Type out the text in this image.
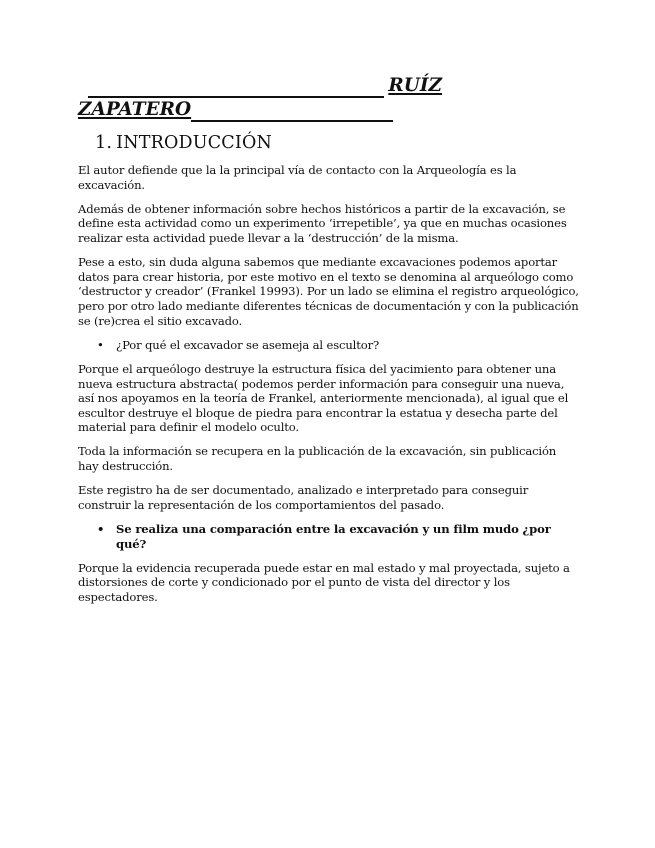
RUÍZ
ZAPATERO
1. INTRODUCCIÓN

El autor defiende que la la principal vía de contacto con la Arqueología es la excavación.

Además de obtener información sobre hechos históricos a partir de la excavación, se define esta actividad como un experimento ‘irrepetible’, ya que en muchas ocasiones realizar esta actividad puede llevar a la ‘destrucción’ de la misma.

Pese a esto, sin duda alguna sabemos que mediante excavaciones podemos aportar datos para crear historia, por este motivo en el texto se denomina al arqueólogo como ‘destructor y creador’ (Frankel 19993). Por un lado se elimina el registro arqueológico, pero por otro lado mediante diferentes técnicas de documentación y con la publicación se (re)crea el sitio excavado.

• ¿Por qué el excavador se asemeja al escultor?

Porque el arqueólogo destruye la estructura física del yacimiento para obtener una nueva estructura abstracta( podemos perder información para conseguir una nueva, así nos apoyamos en la teoría de Frankel, anteriormente mencionada), al igual que el escultor destruye el bloque de piedra para encontrar la estatua y desecha parte del material para definir el modelo oculto.

Toda la información se recupera en la publicación de la excavación, sin publicación hay destrucción.

Este registro ha de ser documentado, analizado e interpretado para conseguir construir la representación de los comportamientos del pasado.

• Se realiza una comparación entre la excavación y un film mudo ¿por qué?

Porque la evidencia recuperada puede estar en mal estado y mal proyectada, sujeto a distorsiones de corte y condicionado por el punto de vista del director y los espectadores.
